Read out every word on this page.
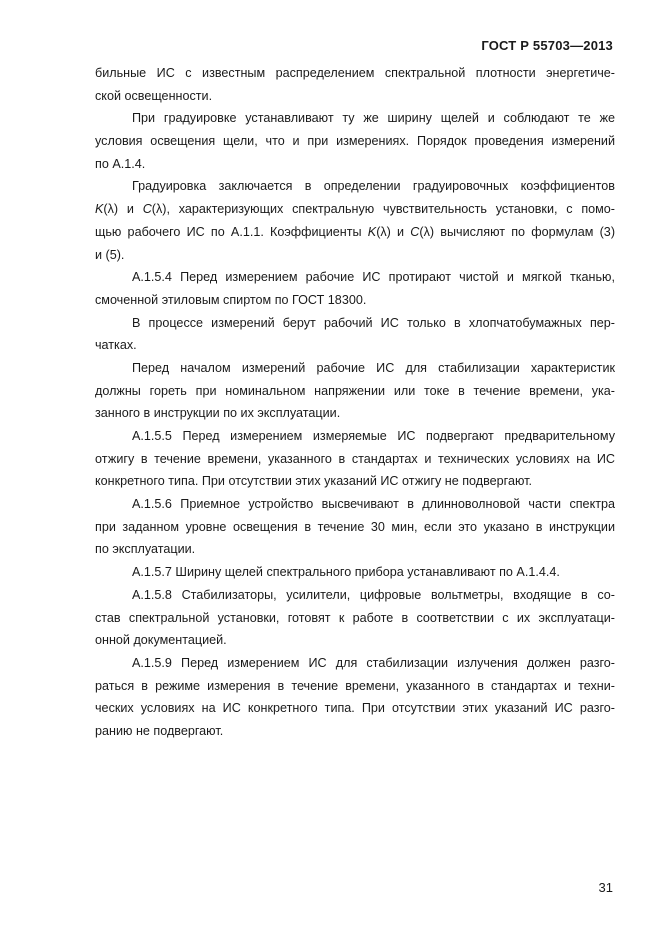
ГОСТ Р 55703—2013
бильные ИС с известным распределением спектральной плотности энергетиче-
ской освещенности.
При градуировке устанавливают ту же ширину щелей и соблюдают те же
условия освещения щели, что и при измерениях. Порядок проведения измерений
по А.1.4.
Градуировка заключается в определении градуировочных коэффициентов
K(λ) и C(λ), характеризующих спектральную чувствительность установки, с помо-
щью рабочего ИС по А.1.1. Коэффициенты K(λ) и C(λ) вычисляют по формулам (3)
и (5).
А.1.5.4 Перед измерением рабочие ИС протирают чистой и мягкой тканью,
смоченной этиловым спиртом по ГОСТ 18300.
В процессе измерений берут рабочий ИС только в хлопчатобумажных пер-
чатках.
Перед началом измерений рабочие ИС для стабилизации характеристик
должны гореть при номинальном напряжении или токе в течение времени, ука-
занного в инструкции по их эксплуатации.
А.1.5.5 Перед измерением измеряемые ИС подвергают предварительному
отжигу в течение времени, указанного в стандартах и технических условиях на ИС
конкретного типа. При отсутствии этих указаний ИС отжигу не подвергают.
А.1.5.6 Приемное устройство высвечивают в длинноволновой части спектра
при заданном уровне освещения в течение 30 мин, если это указано в инструкции
по эксплуатации.
А.1.5.7 Ширину щелей спектрального прибора устанавливают по А.1.4.4.
А.1.5.8 Стабилизаторы, усилители, цифровые вольтметры, входящие в со-
став спектральной установки, готовят к работе в соответствии с их эксплуатаци-
онной документацией.
А.1.5.9 Перед измерением ИС для стабилизации излучения должен разго-
раться в режиме измерения в течение времени, указанного в стандартах и техни-
ческих условиях на ИС конкретного типа. При отсутствии этих указаний ИС разго-
ранию не подвергают.
31
